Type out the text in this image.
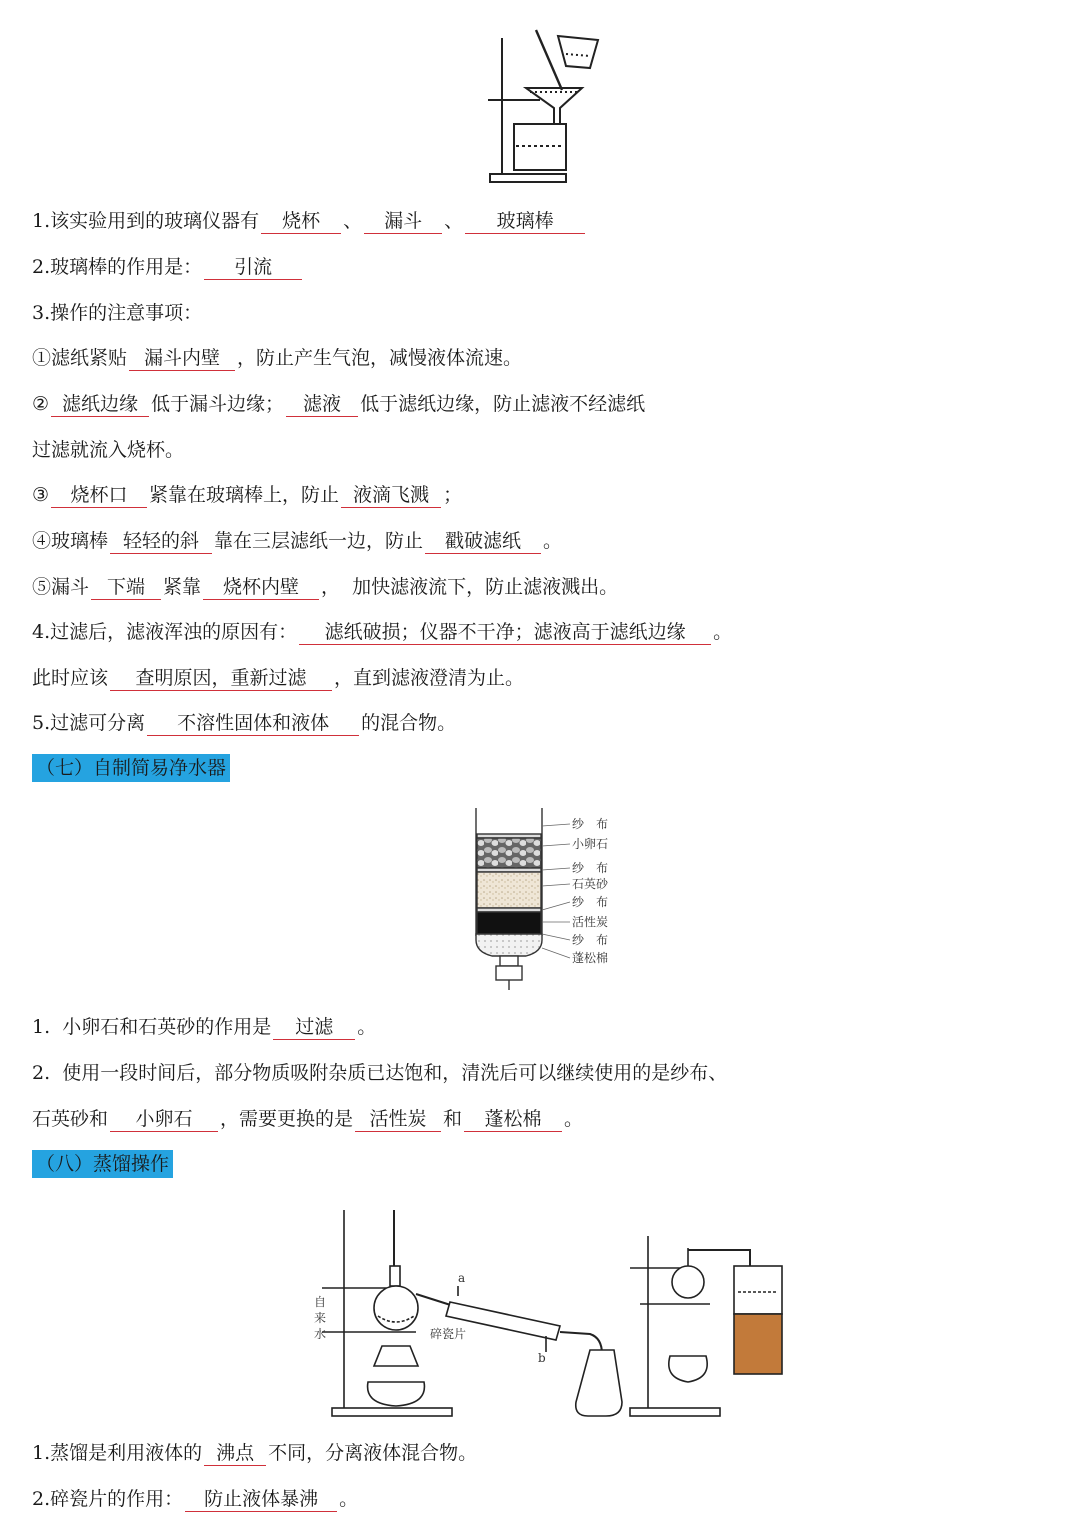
1.该实验用到的玻璃仪器有 烧杯 、 漏斗 、 玻璃棒
2.玻璃棒的作用是： 引流
3.操作的注意事项：
①滤纸紧贴 漏斗内壁 ，防止产生气泡，减慢液体流速。
② 滤纸边缘 低于漏斗边缘； 滤液 低于滤纸边缘，防止滤液不经滤纸
过滤就流入烧杯。
③ 烧杯口 紧靠在玻璃棒上，防止 液滴飞溅 ；
④玻璃棒 轻轻的斜 靠在三层滤纸一边，防止 戳破滤纸 。
⑤漏斗 下端 紧靠 烧杯内壁 ，  加快滤液流下，防止滤液溅出。
4.过滤后，滤液浑浊的原因有： 滤纸破损；仪器不干净；滤液高于滤纸边缘 。
此时应该 查明原因，重新过滤 ，直到滤液澄清为止。
5.过滤可分离 不溶性固体和液体 的混合物。
（七）自制简易净水器
纱　布
小卵石
纱　布
石英砂
纱　布
活性炭
纱　布
蓬松棉
1.  小卵石和石英砂的作用是 过滤 。
2.  使用一段时间后，部分物质吸附杂质已达饱和，清洗后可以继续使用的是纱布、
石英砂和 小卵石 ，需要更换的是 活性炭 和 蓬松棉 。
（八）蒸馏操作
自
来
水	碎瓷片
a
b
1.蒸馏是利用液体的 沸点 不同，分离液体混合物。
2.碎瓷片的作用： 防止液体暴沸 。
